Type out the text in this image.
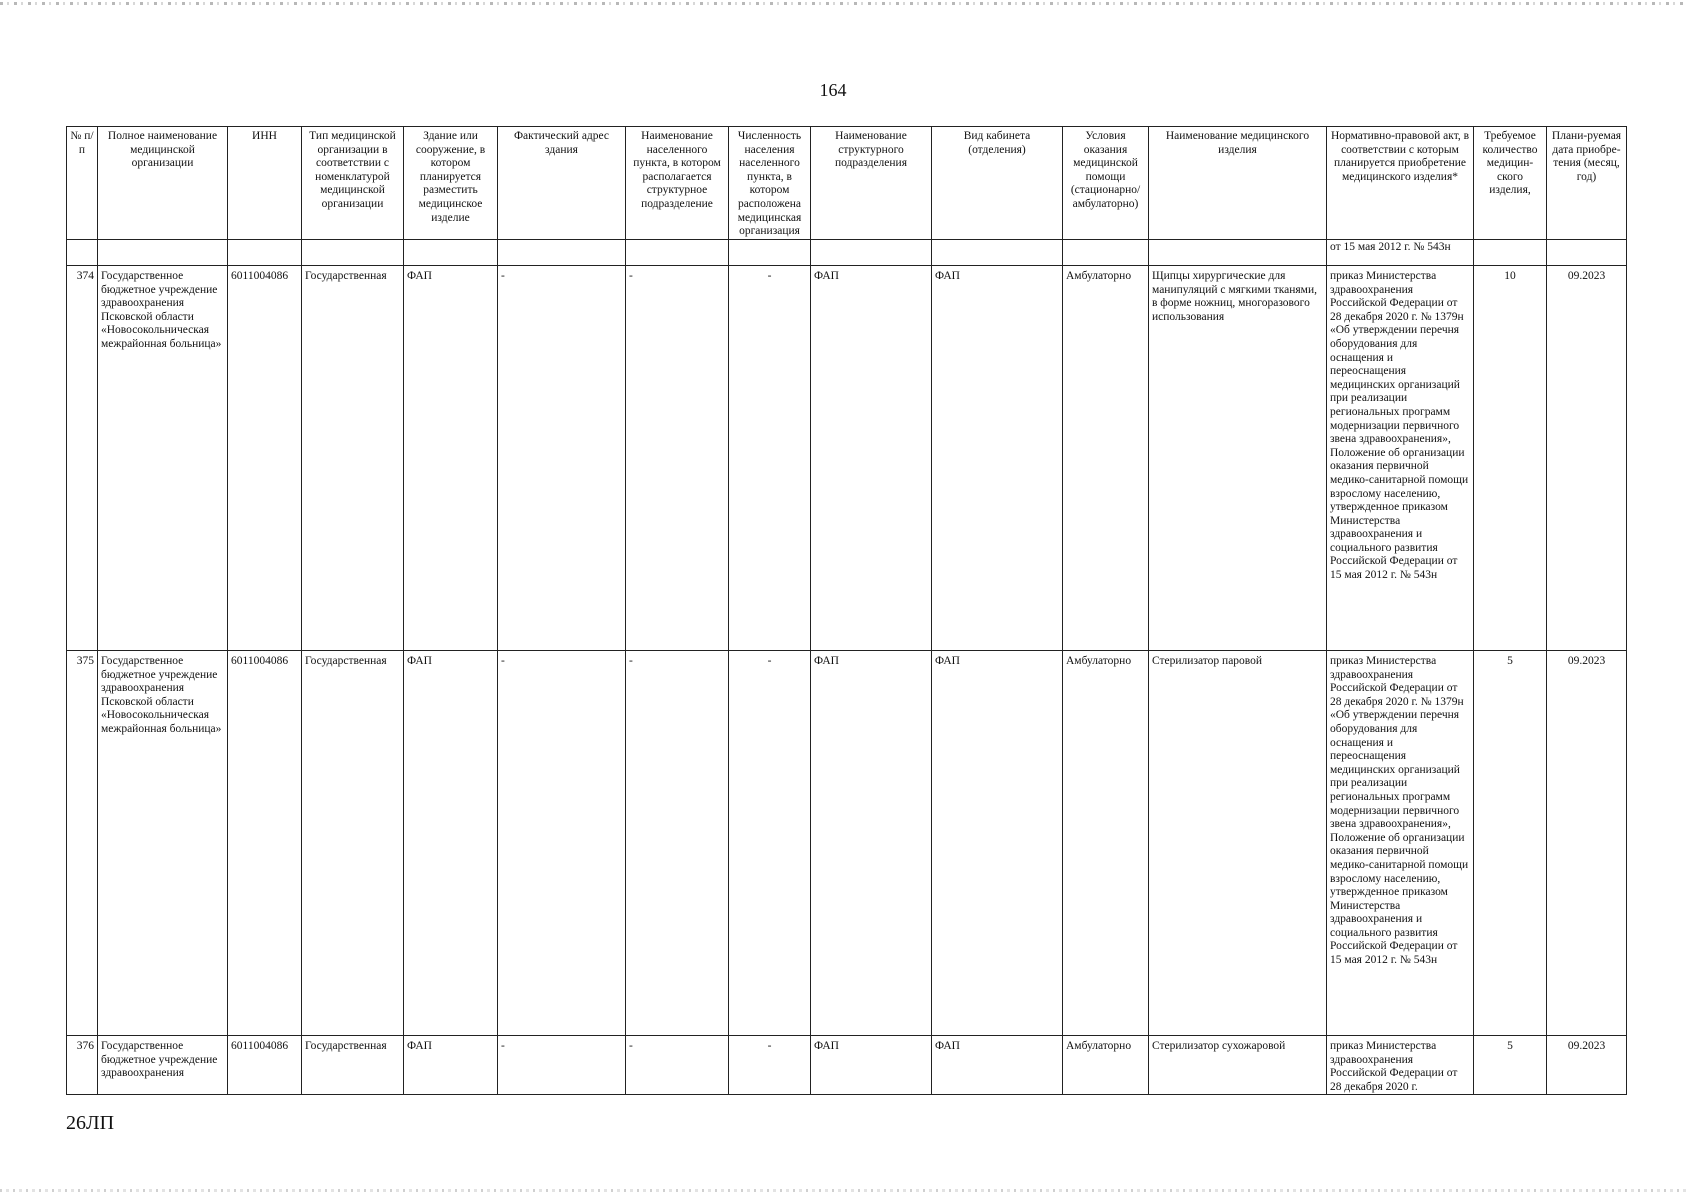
164
№ п/п	Полное наименование медицинской организации	ИНН	Тип медицинской организации в соответствии с номенклатурой медицинской организации	Здание или сооружение, в котором планируется разместить медицинское изделие	Фактический адрес здания	Наименование населенного пункта, в котором располагается структурное подразделение	Численность населения населенного пункта, в котором расположена медицинская организация	Наименование структурного подразделения	Вид кабинета (отделения)	Условия оказания медицинской помощи (стационарно/ амбулаторно)	Наименование медицинского изделия	Нормативно-правовой акт, в соответствии с которым планируется приобретение медицинского изделия*	Требуемое количество медицин-ского изделия,	Плани-руемая дата приобре-тения (месяц, год)
												от 15 мая 2012 г. № 543н		
374	Государственное бюджетное учреждение здравоохранения Псковской области «Новосокольническая межрайонная больница»	6011004086	Государственная	ФАП	-	-	-	ФАП	ФАП	Амбулаторно	Щипцы хирургические для манипуляций с мягкими тканями, в форме ножниц, многоразового использования	приказ Министерства здравоохранения Российской Федерации от 28 декабря 2020 г. № 1379н «Об утверждении перечня оборудования для оснащения и переоснащения медицинских организаций при реализации региональных программ модернизации первичного звена здравоохранения», Положение об организации оказания первичной медико-санитарной помощи взрослому населению, утвержденное приказом Министерства здравоохранения и социального развития Российской Федерации от 15 мая 2012 г. № 543н	10	09.2023
375	Государственное бюджетное учреждение здравоохранения Псковской области «Новосокольническая межрайонная больница»	6011004086	Государственная	ФАП	-	-	-	ФАП	ФАП	Амбулаторно	Стерилизатор паровой	приказ Министерства здравоохранения Российской Федерации от 28 декабря 2020 г. № 1379н «Об утверждении перечня оборудования для оснащения и переоснащения медицинских организаций при реализации региональных программ модернизации первичного звена здравоохранения», Положение об организации оказания первичной медико-санитарной помощи взрослому населению, утвержденное приказом Министерства здравоохранения и социального развития Российской Федерации от 15 мая 2012 г. № 543н	5	09.2023
376	Государственное бюджетное учреждение здравоохранения	6011004086	Государственная	ФАП	-	-	-	ФАП	ФАП	Амбулаторно	Стерилизатор сухожаровой	приказ Министерства здравоохранения Российской Федерации от 28 декабря 2020 г.	5	09.2023
26ЛП
